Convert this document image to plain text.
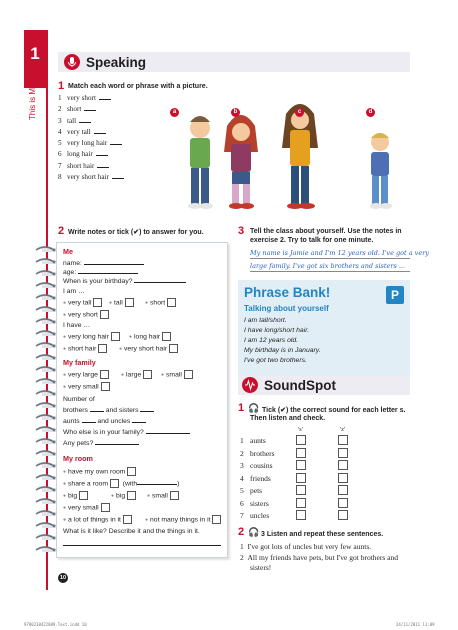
1
This is Me!
Speaking
1 Match each word or phrase with a picture.
1 very short
2 short
3 tall
4 very tall
5 very long hair
6 long hair
7 short hair
8 very short hair
a	b	c	d
2 Write notes or tick (✔) to answer for you.
Me
name:
age:
When is your birthday?
I am …
● very tall	● tall	● short
● very short
I have …
● very long hair	● long hair
● short hair	● very short hair
My family
● very large	● large	● small
● very small
Number of
brothers	and sisters
aunts	and uncles
Who else is in your family?
Any pets?
My room
● have my own room
● share a room (with	)
● big	● big	● small
● very small
● a lot of things in it	● not many things in it
What is it like? Describe it and the things in it.
3 Tell the class about yourself. Use the notes in
exercise 2. Try to talk for one minute.
My name is Jamie and I'm 12 years old. I've got a very
large family. I've got six brothers and sisters ...
Phrase Bank!	P
Talking about yourself
I am tall/short.
I have long/short hair.
I am 12 years old.
My birthday is in January.
I've got two brothers.
SoundSpot
1 🎧 Tick (✔) the correct sound for each letter s.
Then listen and check.
's'	'z'
1 aunts
2 brothers
3 cousins
4 friends
5 pets
6 sisters
7 uncles
2 🎧 3 Listen and repeat these sentences.
1 I've got lots of uncles but very few aunts.
2 All my friends have pets, but I've got brothers and
sisters!
10
9780230422889.Text.indd 10	24/11/2011 11:09
